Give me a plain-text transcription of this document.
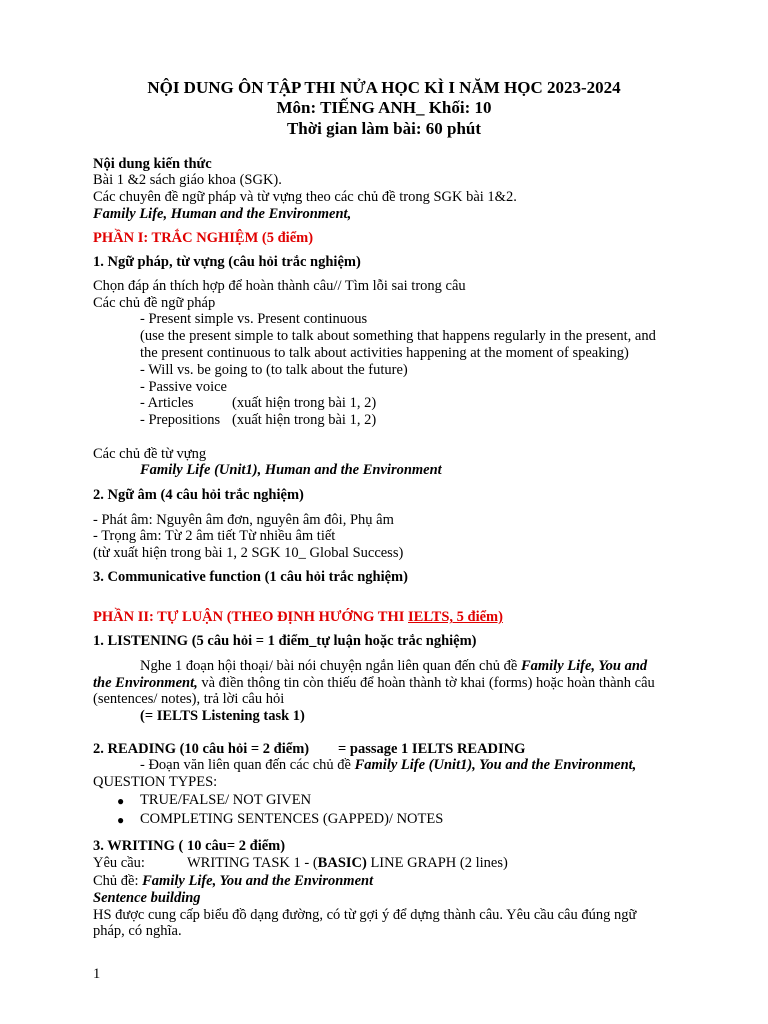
NỘI DUNG ÔN TẬP THI NỬA HỌC KÌ I NĂM HỌC 2023-2024
Môn: TIẾNG ANH_ Khối: 10
Thời gian làm bài: 60 phút
Nội dung kiến thức
Bài 1 &2 sách giáo khoa (SGK).
Các chuyên đề ngữ pháp và từ vựng theo các chủ đề trong SGK bài 1&2.
Family Life, Human and the Environment,
PHẦN I: TRẮC NGHIỆM (5 điểm)
1. Ngữ pháp, từ vựng (câu hỏi trắc nghiệm)
Chọn đáp án thích hợp để hoàn thành câu// Tìm lỗi sai trong câu
Các chủ đề ngữ pháp
- Present simple vs. Present continuous
(use the present simple to talk about something that happens regularly in the present, and
the present continuous to talk about activities happening at the moment of speaking)
- Will vs. be going to (to talk about the future)
- Passive voice
- Articles	(xuất hiện trong bài 1, 2)
- Prepositions (xuất hiện trong bài 1, 2)
Các chủ đề từ vựng
Family Life (Unit1), Human and the Environment
2. Ngữ âm (4 câu hỏi trắc nghiệm)
- Phát âm: Nguyên âm đơn, nguyên âm đôi, Phụ âm
- Trọng âm: Từ 2 âm tiết Từ nhiều âm tiết
(từ xuất hiện trong bài 1, 2 SGK 10_ Global Success)
3. Communicative function (1 câu hỏi trắc nghiệm)
PHẦN II: TỰ LUẬN (THEO ĐỊNH HƯỚNG THI IELTS, 5 điểm)
1. LISTENING (5 câu hỏi = 1 điểm_tự luận hoặc trắc nghiệm)
Nghe 1 đoạn hội thoại/ bài nói chuyện ngắn liên quan đến chủ đề Family Life, You and
the Environment, và điền thông tin còn thiếu để hoàn thành tờ khai (forms) hoặc hoàn thành câu
(sentences/ notes), trả lời câu hỏi
(= IELTS Listening task 1)
2. READING (10 câu hỏi = 2 điểm) = passage 1 IELTS READING
- Đoạn văn liên quan đến các chủ đề Family Life (Unit1), You and the Environment,
QUESTION TYPES:
● TRUE/FALSE/ NOT GIVEN
● COMPLETING SENTENCES (GAPPED)/ NOTES
3. WRITING ( 10 câu= 2 điểm)
Yêu cầu:	WRITING TASK 1 - (BASIC) LINE GRAPH (2 lines)
Chủ đề: Family Life, You and the Environment
Sentence building
HS được cung cấp biểu đồ dạng đường, có từ gợi ý để dựng thành câu. Yêu cầu câu đúng ngữ
pháp, có nghĩa.
1
